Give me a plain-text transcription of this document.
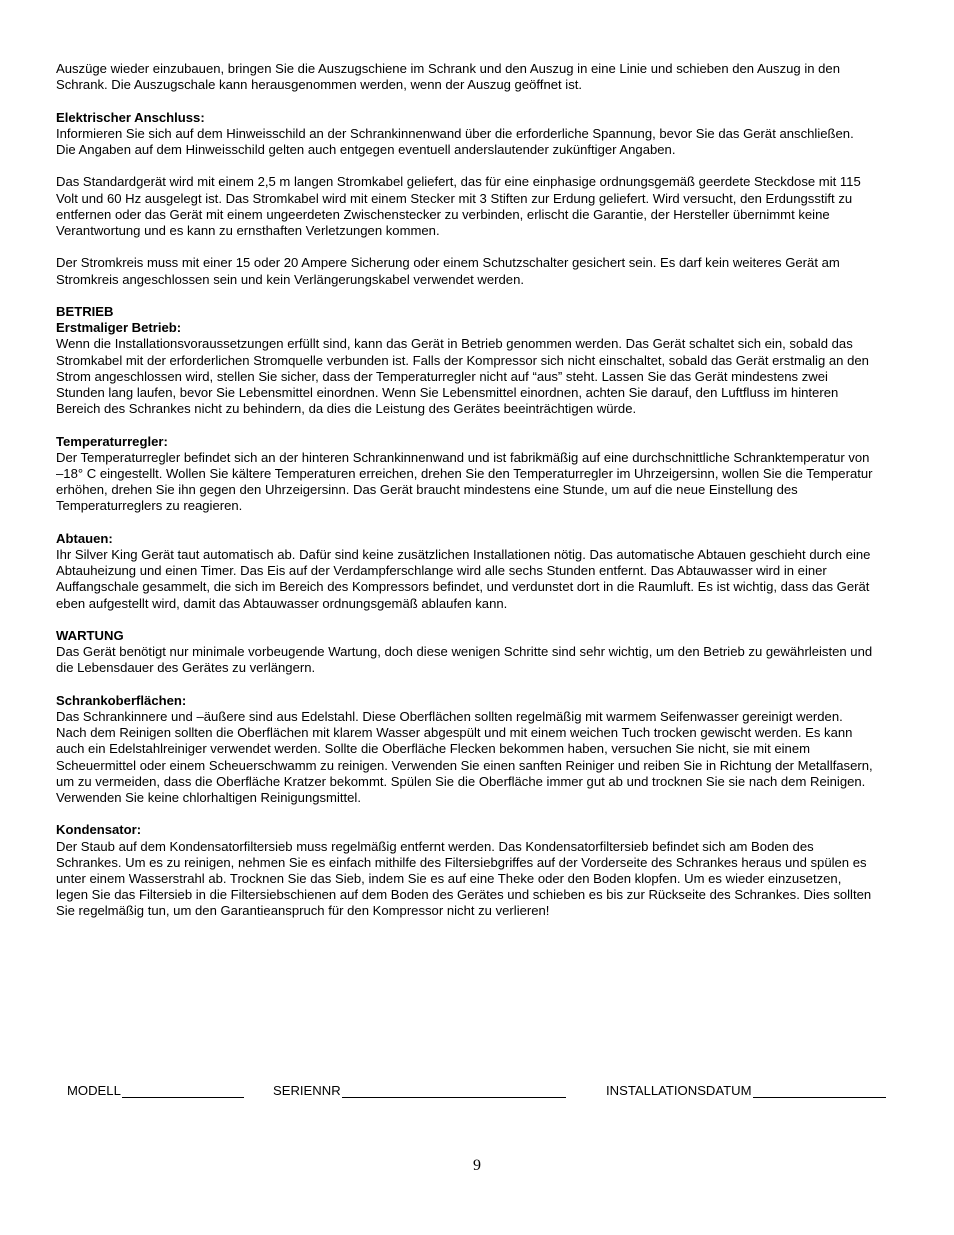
Auszüge wieder einzubauen, bringen Sie die Auszugschiene im Schrank und den Auszug in eine Linie und schieben den Auszug in den Schrank. Die Auszugschale kann herausgenommen werden, wenn der Auszug geöffnet ist.

Elektrischer Anschluss:

Informieren Sie sich auf dem Hinweisschild an der Schrankinnenwand über die erforderliche Spannung, bevor Sie das Gerät anschließen. Die Angaben auf dem Hinweisschild gelten auch entgegen eventuell anderslautender zukünftiger Angaben.

Das Standardgerät wird mit einem 2,5 m langen Stromkabel geliefert, das für eine einphasige ordnungsgemäß geerdete Steckdose mit 115 Volt und 60 Hz ausgelegt ist. Das Stromkabel wird mit einem Stecker mit 3 Stiften zur Erdung geliefert. Wird versucht, den Erdungsstift zu entfernen oder das Gerät mit einem ungeerdeten Zwischenstecker zu verbinden, erlischt die Garantie, der Hersteller übernimmt keine Verantwortung und es kann zu ernsthaften Verletzungen kommen.

Der Stromkreis muss mit einer 15 oder 20 Ampere Sicherung oder einem Schutzschalter gesichert sein. Es darf kein weiteres Gerät am Stromkreis angeschlossen sein und kein Verlängerungskabel verwendet werden.

BETRIEB
Erstmaliger Betrieb:

Wenn die Installationsvoraussetzungen erfüllt sind, kann das Gerät in Betrieb genommen werden. Das Gerät schaltet sich ein, sobald das Stromkabel mit der erforderlichen Stromquelle verbunden ist. Falls der Kompressor sich nicht einschaltet, sobald das Gerät erstmalig an den Strom angeschlossen wird, stellen Sie sicher, dass der Temperaturregler nicht auf “aus” steht. Lassen Sie das Gerät mindestens zwei Stunden lang laufen, bevor Sie Lebensmittel einordnen. Wenn Sie Lebensmittel einordnen, achten Sie darauf, den Luftfluss im hinteren Bereich des Schrankes nicht zu behindern, da dies die Leistung des Gerätes beeinträchtigen würde.

Temperaturregler:

Der Temperaturregler befindet sich an der hinteren Schrankinnenwand und ist fabrikmäßig auf eine durchschnittliche Schranktemperatur von –18° C eingestellt. Wollen Sie kältere Temperaturen erreichen, drehen Sie den Temperaturregler im Uhrzeigersinn, wollen Sie die Temperatur erhöhen, drehen Sie ihn gegen den Uhrzeigersinn. Das Gerät braucht mindestens eine Stunde, um auf die neue Einstellung des Temperaturreglers zu reagieren.

Abtauen:

Ihr Silver King Gerät taut automatisch ab. Dafür sind keine zusätzlichen Installationen nötig. Das automatische Abtauen geschieht durch eine Abtauheizung und einen Timer. Das Eis auf der Verdampferschlange wird alle sechs Stunden entfernt. Das Abtauwasser wird in einer Auffangschale gesammelt, die sich im Bereich des Kompressors befindet, und verdunstet dort in die Raumluft. Es ist wichtig, dass das Gerät eben aufgestellt wird, damit das Abtauwasser ordnungsgemäß ablaufen kann.

WARTUNG

Das Gerät benötigt nur minimale vorbeugende Wartung, doch diese wenigen Schritte sind sehr wichtig, um den Betrieb zu gewährleisten und die Lebensdauer des Gerätes zu verlängern.

Schrankoberflächen:

Das Schrankinnere und –äußere sind aus Edelstahl. Diese Oberflächen sollten regelmäßig mit warmem Seifenwasser gereinigt werden. Nach dem Reinigen sollten die Oberflächen mit klarem Wasser abgespült und mit einem weichen Tuch trocken gewischt werden. Es kann auch ein Edelstahlreiniger verwendet werden. Sollte die Oberfläche Flecken bekommen haben, versuchen Sie nicht, sie mit einem Scheuermittel oder einem Scheuerschwamm zu reinigen. Verwenden Sie einen sanften Reiniger und reiben Sie in Richtung der Metallfasern, um zu vermeiden, dass die Oberfläche Kratzer bekommt. Spülen Sie die Oberfläche immer gut ab und trocknen Sie sie nach dem Reinigen. Verwenden Sie keine chlorhaltigen Reinigungsmittel.

Kondensator:

Der Staub auf dem Kondensatorfiltersieb muss regelmäßig entfernt werden. Das Kondensatorfiltersieb befindet sich am Boden des Schrankes. Um es zu reinigen, nehmen Sie es einfach mithilfe des Filtersiebgriffes auf der Vorderseite des Schrankes heraus und spülen es unter einem Wasserstrahl ab. Trocknen Sie das Sieb, indem Sie es auf eine Theke oder den Boden klopfen. Um es wieder einzusetzen, legen Sie das Filtersieb in die Filtersiebschienen auf dem Boden des Gerätes und schieben es bis zur Rückseite des Schrankes. Dies sollten Sie regelmäßig tun, um den Garantieanspruch für den Kompressor nicht zu verlieren!

MODELL	SERIENNR	INSTALLATIONSDATUM
9
